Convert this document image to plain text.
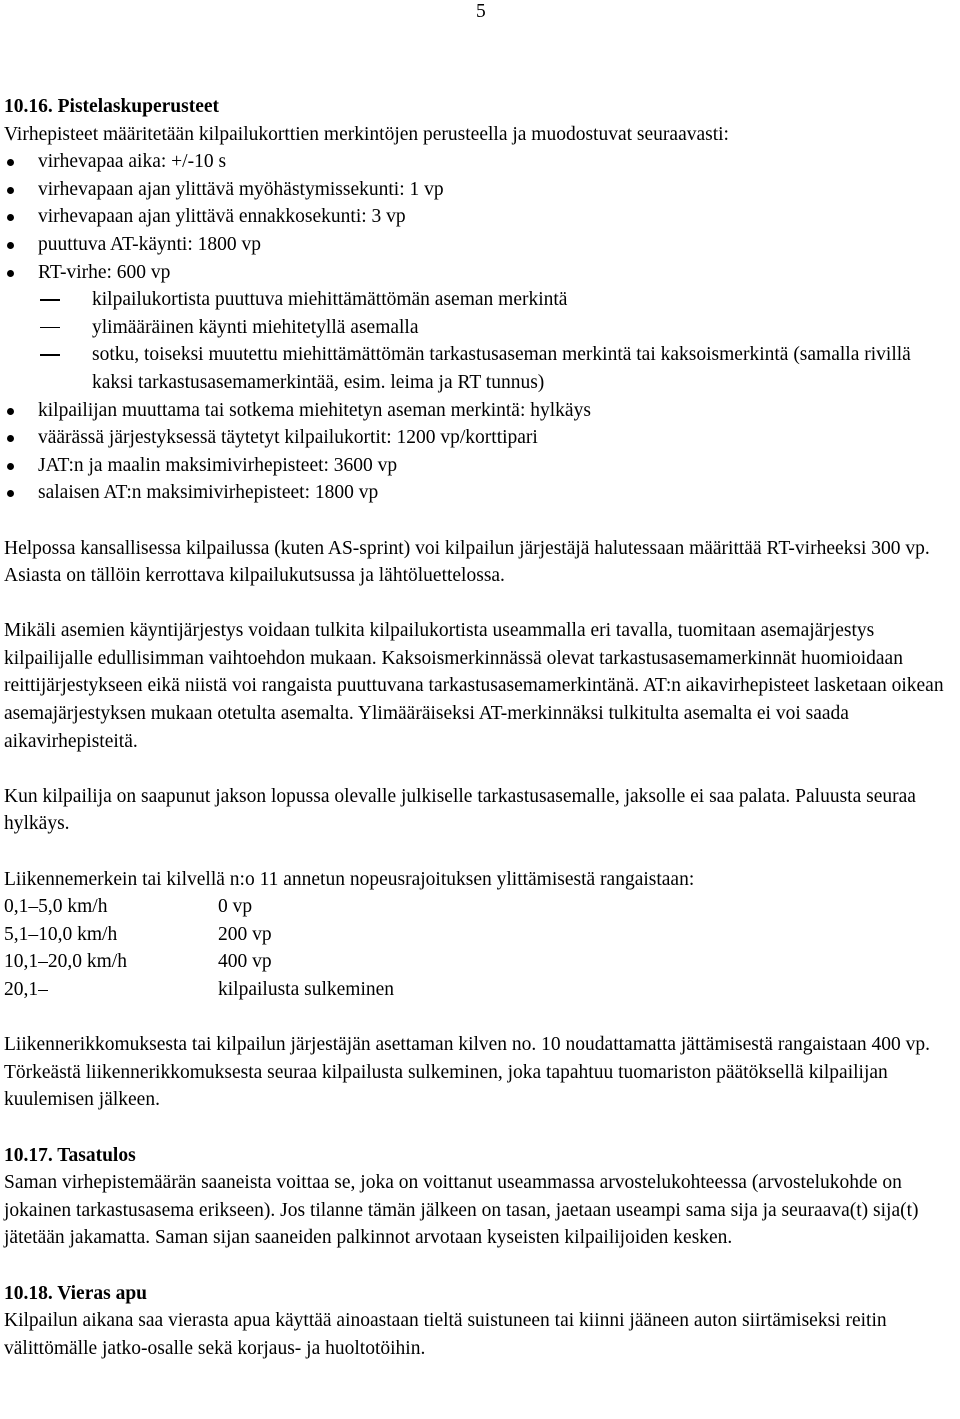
5

10.16. Pistelaskuperusteet

Virhepisteet määritetään kilpailukorttien merkintöjen perusteella ja muodostuvat seuraavasti:

virhevapaa aika: +/-10 s
virhevapaan ajan ylittävä myöhästymissekunti: 1 vp
virhevapaan ajan ylittävä ennakkosekunti: 3 vp
puuttuva AT-käynti: 1800 vp
RT-virhe: 600 vp
kilpailukortista puuttuva miehittämättömän aseman merkintä
ylimääräinen käynti miehitetyllä asemalla
sotku, toiseksi muutettu miehittämättömän tarkastusaseman merkintä tai kaksoismerkintä (samalla rivillä kaksi tarkastusasemamerkintää, esim. leima ja RT tunnus)
kilpailijan muuttama tai sotkema miehitetyn aseman merkintä: hylkäys
väärässä järjestyksessä täytetyt kilpailukortit: 1200 vp/korttipari
JAT:n ja maalin maksimivirhepisteet: 3600 vp
salaisen AT:n maksimivirhepisteet: 1800 vp

Helpossa kansallisessa kilpailussa (kuten AS-sprint) voi kilpailun järjestäjä halutessaan määrittää RT-virheeksi 300 vp. Asiasta on tällöin kerrottava kilpailukutsussa ja lähtöluettelossa.

Mikäli asemien käyntijärjestys voidaan tulkita kilpailukortista useammalla eri tavalla, tuomitaan asemajärjestys kilpailijalle edullisimman vaihtoehdon mukaan. Kaksoismerkinnässä olevat tarkastusasemamerkinnät huomioidaan reittijärjestykseen eikä niistä voi rangaista puuttuvana tarkastusasemamerkintänä. AT:n aikavirhepisteet lasketaan oikean asemajärjestyksen mukaan otetulta asemalta. Ylimääräiseksi AT-merkinnäksi tulkitulta asemalta ei voi saada aikavirhepisteitä.

Kun kilpailija on saapunut jakson lopussa olevalle julkiselle tarkastusasemalle, jaksolle ei saa palata. Paluusta seuraa hylkäys.

Liikennemerkein tai kilvellä n:o 11 annetun nopeusrajoituksen ylittämisestä rangaistaan:

0,1–5,0 km/h	0 vp
5,1–10,0 km/h	200 vp
10,1–20,0 km/h	400 vp
20,1–	kilpailusta sulkeminen

Liikennerikkomuksesta tai kilpailun järjestäjän asettaman kilven no. 10 noudattamatta jättämisestä rangaistaan 400 vp. Törkeästä liikennerikkomuksesta seuraa kilpailusta sulkeminen, joka tapahtuu tuomariston päätöksellä kilpailijan kuulemisen jälkeen.

10.17. Tasatulos

Saman virhepistemäärän saaneista voittaa se, joka on voittanut useammassa arvostelukohteessa (arvostelukohde on jokainen tarkastusasema erikseen). Jos tilanne tämän jälkeen on tasan, jaetaan useampi sama sija ja seuraava(t) sija(t) jätetään jakamatta. Saman sijan saaneiden palkinnot arvotaan kyseisten kilpailijoiden kesken.

10.18. Vieras apu

Kilpailun aikana saa vierasta apua käyttää ainoastaan tieltä suistuneen tai kiinni jääneen auton siirtämiseksi reitin välittömälle jatko-osalle sekä korjaus- ja huoltotöihin.
